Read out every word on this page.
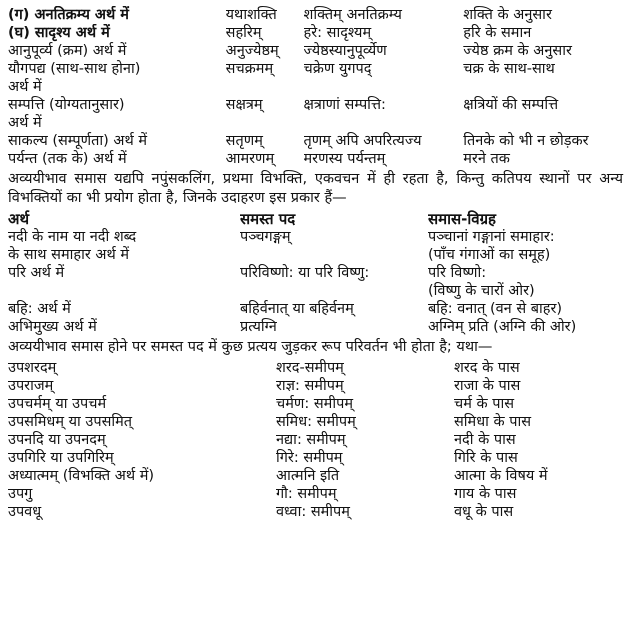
(ग) अनतिक्रम्य अर्थ में	यथाशक्ति	शक्तिम् अनतिक्रम्य	शक्ति के अनुसार
(घ) सादृश्य अर्थ में	सहरिम्	हरे: सादृश्यम्	हरि के समान
आनुपूर्व्य (क्रम) अर्थ में	अनुज्येष्ठम्	ज्येष्ठस्यानुपूर्व्येण	ज्येष्ठ क्रम के अनुसार
यौगपद्य (साथ-साथ होना)	सचक्रमम्	चक्रेण युगपद्	चक्र के साथ-साथ
अर्थ में
सम्पत्ति (योग्यतानुसार)	सक्षत्रम्	क्षत्राणां सम्पत्ति:	क्षत्रियों की सम्पत्ति
अर्थ में
साकल्य (सम्पूर्णता) अर्थ में	सतृणम्	तृणम् अपि अपरित्यज्य	तिनके को भी न छोड़कर
पर्यन्त (तक के) अर्थ में	आमरणम्	मरणस्य पर्यन्तम्	मरने तक
अव्ययीभाव समास यद्यपि नपुंसकलिंग, प्रथमा विभक्ति, एकवचन में ही रहता है, किन्तु कतिपय स्थानों पर अन्य विभक्तियों का भी प्रयोग होता है, जिनके उदाहरण इस प्रकार हैं—
अर्थ	समस्त पद	समास-विग्रह
नदी के नाम या नदी शब्द	पञ्चगङ्गम्	पञ्चानां गङ्गानां समाहार:
के साथ समाहार अर्थ में	(पाँच गंगाओं का समूह)
परि अर्थ में	परिविष्णो: या परि विष्णु:	परि विष्णो:
(विष्णु के चारों ओर)
बहि: अर्थ में	बहिर्वनात् या बहिर्वनम्	बहि: वनात् (वन से बाहर)
अभिमुख्य अर्थ में	प्रत्यग्नि	अग्निम् प्रति (अग्नि की ओर)
अव्ययीभाव समास होने पर समस्त पद में कुछ प्रत्यय जुड़कर रूप परिवर्तन भी होता है; यथा—
उपशरदम्	शरद-समीपम्	शरद के पास
उपराजम्	राज्ञ: समीपम्	राजा के पास
उपचर्मम् या उपचर्म	चर्मण: समीपम्	चर्म के पास
उपसमिधम् या उपसमित्	समिध: समीपम्	समिधा के पास
उपनदि या उपनदम्	नद्या: समीपम्	नदी के पास
उपगिरि या उपगिरिम्	गिरे: समीपम्	गिरि के पास
अध्यात्मम् (विभक्ति अर्थ में)	आत्मनि इति	आत्मा के विषय में
उपगु	गौ: समीपम्	गाय के पास
उपवधू	वध्वा: समीपम्	वधू के पास
